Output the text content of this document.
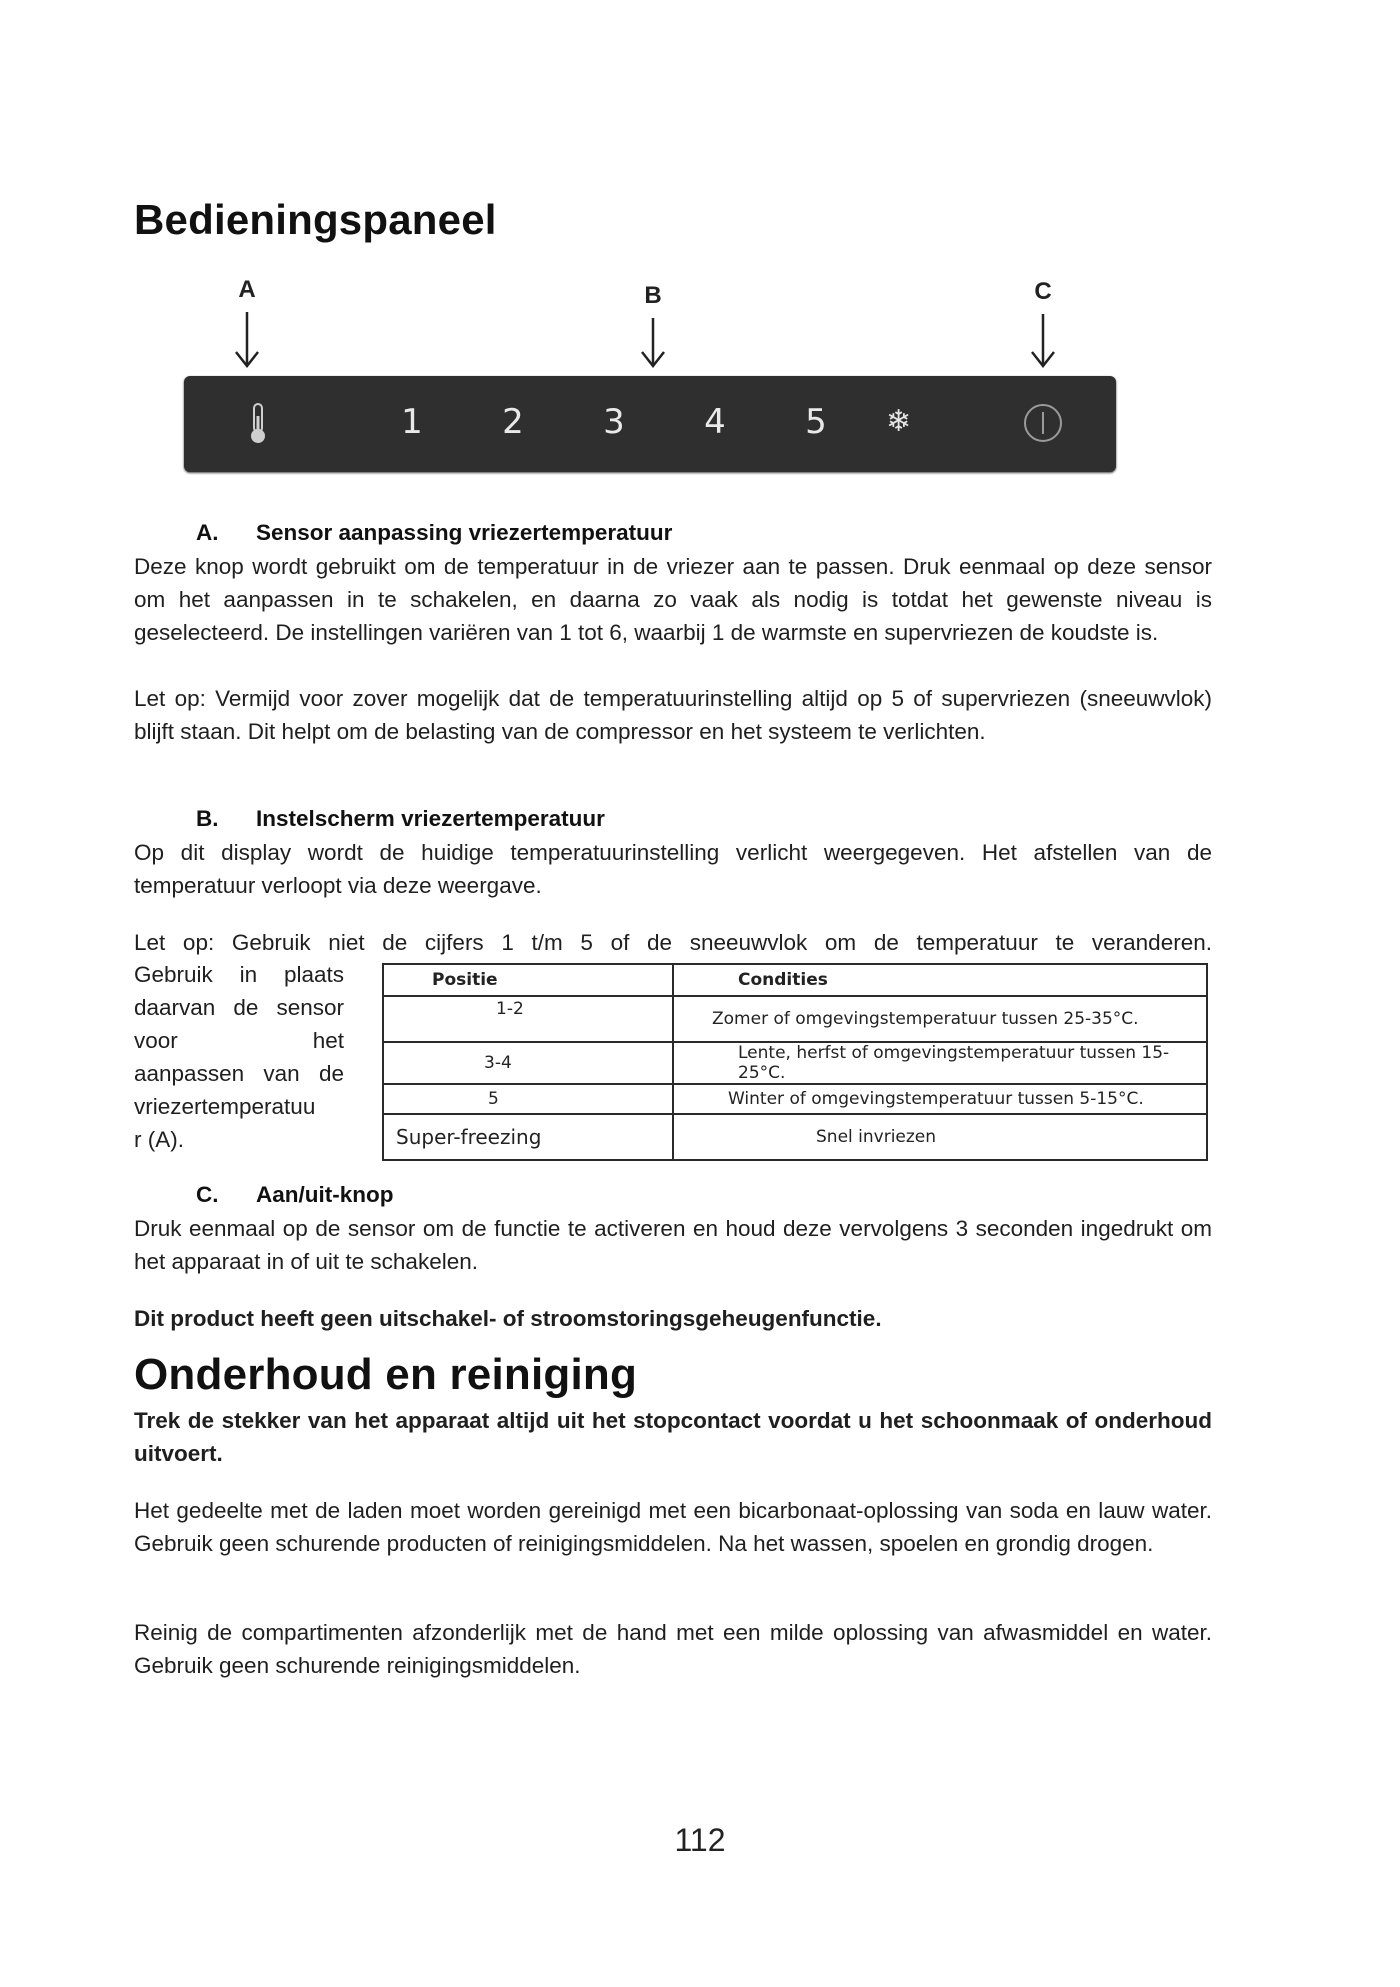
Bedieningspaneel
A	B	C
1 2 3 4 5	❄
A. Sensor aanpassing vriezertemperatuur
Deze knop wordt gebruikt om de temperatuur in de vriezer aan te passen. Druk eenmaal op deze sensor om het aanpassen in te schakelen, en daarna zo vaak als nodig is totdat het gewenste niveau is geselecteerd. De instellingen variëren van 1 tot 6, waarbij 1 de warmste en supervriezen de koudste is.
Let op: Vermijd voor zover mogelijk dat de temperatuurinstelling altijd op 5 of supervriezen (sneeuwvlok) blijft staan. Dit helpt om de belasting van de compressor en het systeem te verlichten.
B. Instelscherm vriezertemperatuur
Op dit display wordt de huidige temperatuurinstelling verlicht weergegeven. Het afstellen van de temperatuur verloopt via deze weergave.
Let op: Gebruik niet de cijfers 1 t/m 5 of de sneeuwvlok om de temperatuur te veranderen.
Gebruik in plaats
daarvan de sensor
voor het
aanpassen van de
vriezertemperatuu
r (A).
Positie	Condities
1-2	Zomer of omgevingstemperatuur tussen 25-35°C.
3-4	Lente, herfst of omgevingstemperatuur tussen 15-25°C.
5	Winter of omgevingstemperatuur tussen 5-15°C.
Super-freezing	Snel invriezen
C. Aan/uit-knop
Druk eenmaal op de sensor om de functie te activeren en houd deze vervolgens 3 seconden ingedrukt om het apparaat in of uit te schakelen.
Dit product heeft geen uitschakel- of stroomstoringsgeheugenfunctie.
Onderhoud en reiniging
Trek de stekker van het apparaat altijd uit het stopcontact voordat u het schoonmaak of onderhoud uitvoert.
Het gedeelte met de laden moet worden gereinigd met een bicarbonaat-oplossing van soda en lauw water. Gebruik geen schurende producten of reinigingsmiddelen. Na het wassen, spoelen en grondig drogen.
Reinig de compartimenten afzonderlijk met de hand met een milde oplossing van afwasmiddel en water. Gebruik geen schurende reinigingsmiddelen.
112
